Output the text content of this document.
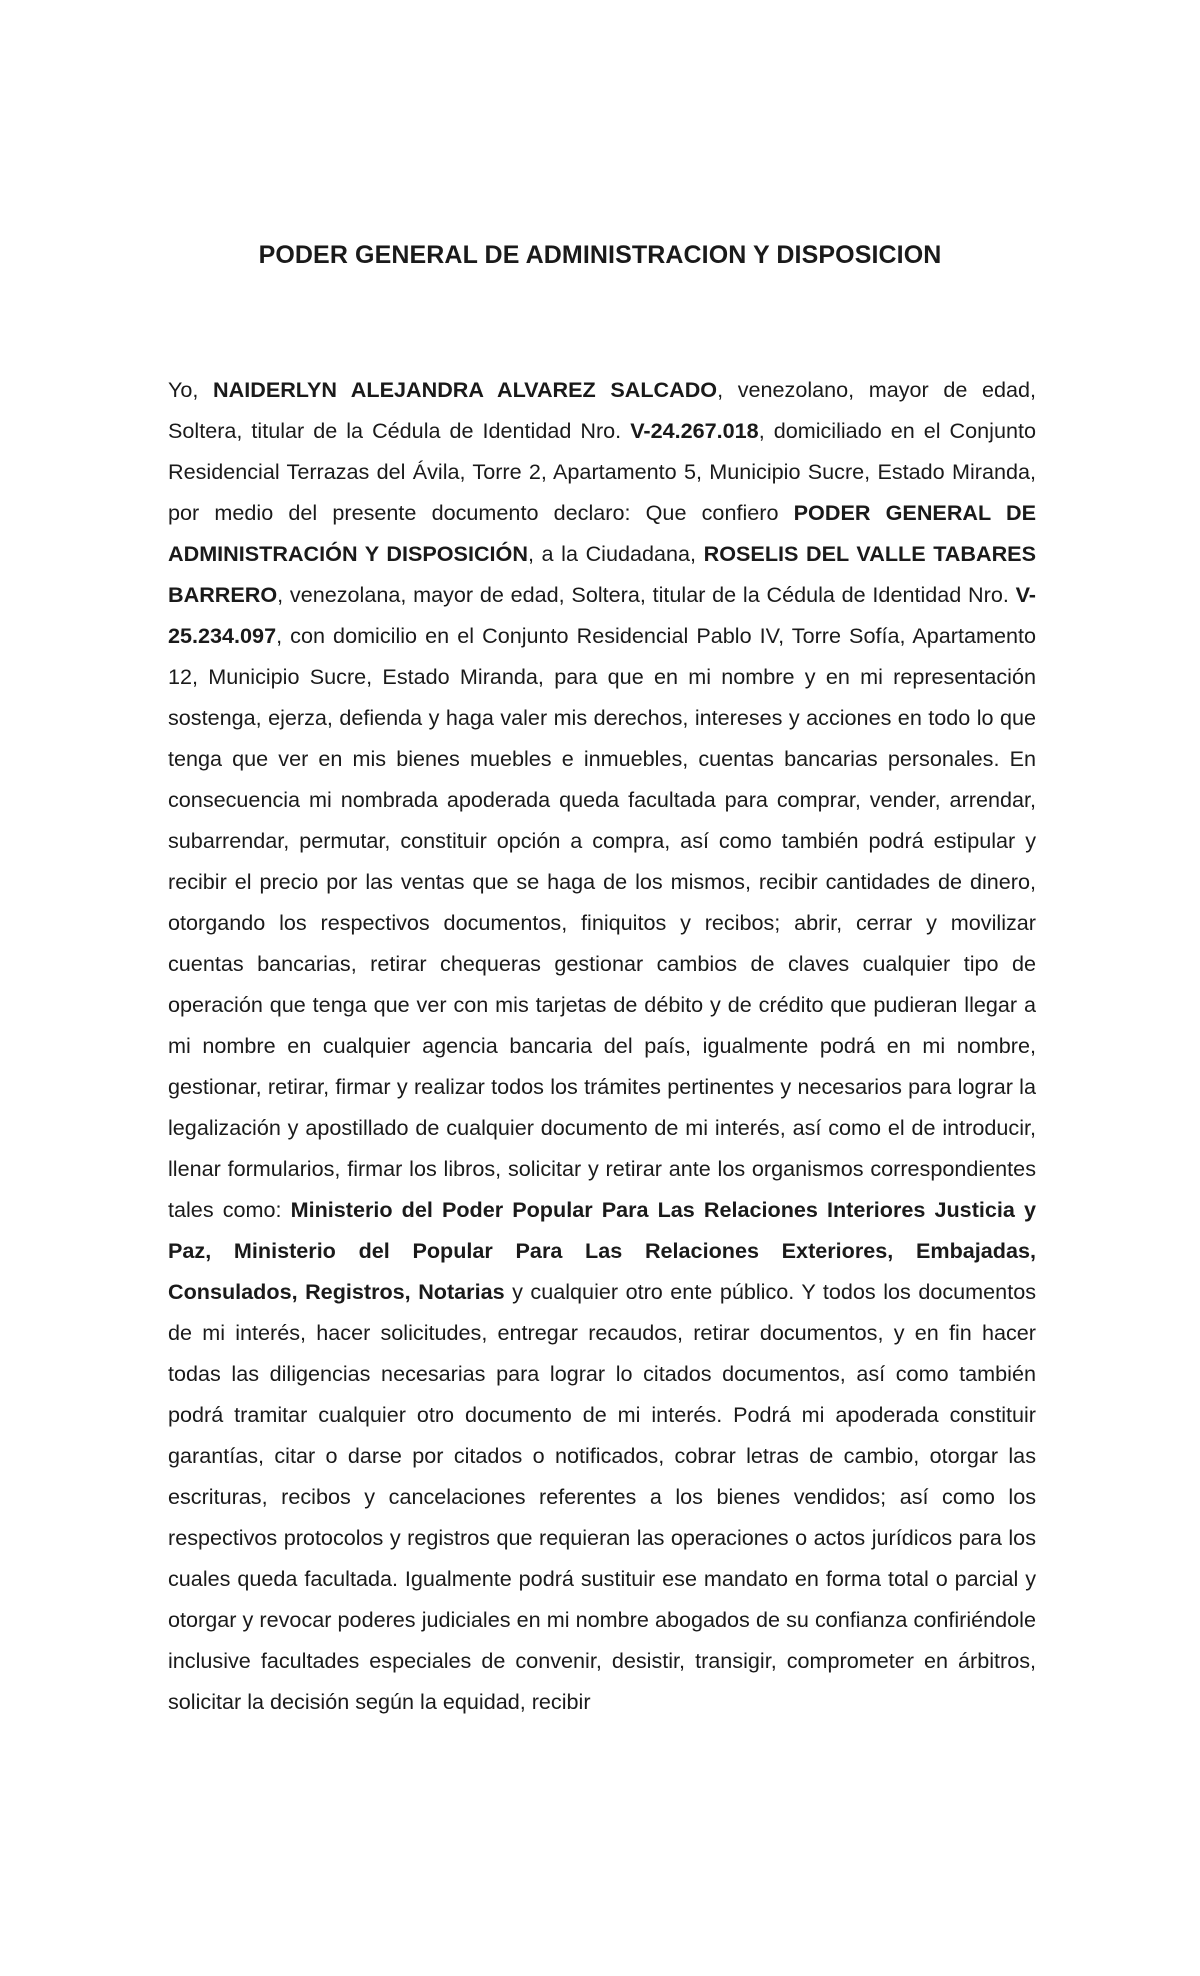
PODER GENERAL DE ADMINISTRACION Y DISPOSICION

Yo, NAIDERLYN ALEJANDRA ALVAREZ SALCADO, venezolano, mayor de edad, Soltera, titular de la Cédula de Identidad Nro. V-24.267.018, domiciliado en el Conjunto Residencial Terrazas del Ávila, Torre 2, Apartamento 5, Municipio Sucre, Estado Miranda, por medio del presente documento declaro: Que confiero PODER GENERAL DE ADMINISTRACIÓN Y DISPOSICIÓN, a la Ciudadana, ROSELIS DEL VALLE TABARES BARRERO, venezolana, mayor de edad, Soltera, titular de la Cédula de Identidad Nro. V-25.234.097, con domicilio en el Conjunto Residencial Pablo IV, Torre Sofía, Apartamento 12, Municipio Sucre, Estado Miranda, para que en mi nombre y en mi representación sostenga, ejerza, defienda y haga valer mis derechos, intereses y acciones en todo lo que tenga que ver en mis bienes muebles e inmuebles, cuentas bancarias personales. En consecuencia mi nombrada apoderada queda facultada para comprar, vender, arrendar, subarrendar, permutar, constituir opción a compra, así como también podrá estipular y recibir el precio por las ventas que se haga de los mismos, recibir cantidades de dinero, otorgando los respectivos documentos, finiquitos y recibos; abrir, cerrar y movilizar cuentas bancarias, retirar chequeras gestionar cambios de claves cualquier tipo de operación que tenga que ver con mis tarjetas de débito y de crédito que pudieran llegar a mi nombre en cualquier agencia bancaria del país, igualmente podrá en mi nombre, gestionar, retirar, firmar y realizar todos los trámites pertinentes y necesarios para lograr la legalización y apostillado de cualquier documento de mi interés, así como el de introducir, llenar formularios, firmar los libros, solicitar y retirar ante los organismos correspondientes tales como: Ministerio del Poder Popular Para Las Relaciones Interiores Justicia y Paz, Ministerio del Popular Para Las Relaciones Exteriores, Embajadas, Consulados, Registros, Notarias y cualquier otro ente público. Y todos los documentos de mi interés, hacer solicitudes, entregar recaudos, retirar documentos, y en fin hacer todas las diligencias necesarias para lograr lo citados documentos, así como también podrá tramitar cualquier otro documento de mi interés. Podrá mi apoderada constituir garantías, citar o darse por citados o notificados, cobrar letras de cambio, otorgar las escrituras, recibos y cancelaciones referentes a los bienes vendidos; así como los respectivos protocolos y registros que requieran las operaciones o actos jurídicos para los cuales queda facultada. Igualmente podrá sustituir ese mandato en forma total o parcial y otorgar y revocar poderes judiciales en mi nombre abogados de su confianza confiriéndole inclusive facultades especiales de convenir, desistir, transigir, comprometer en árbitros, solicitar la decisión según la equidad, recibir
